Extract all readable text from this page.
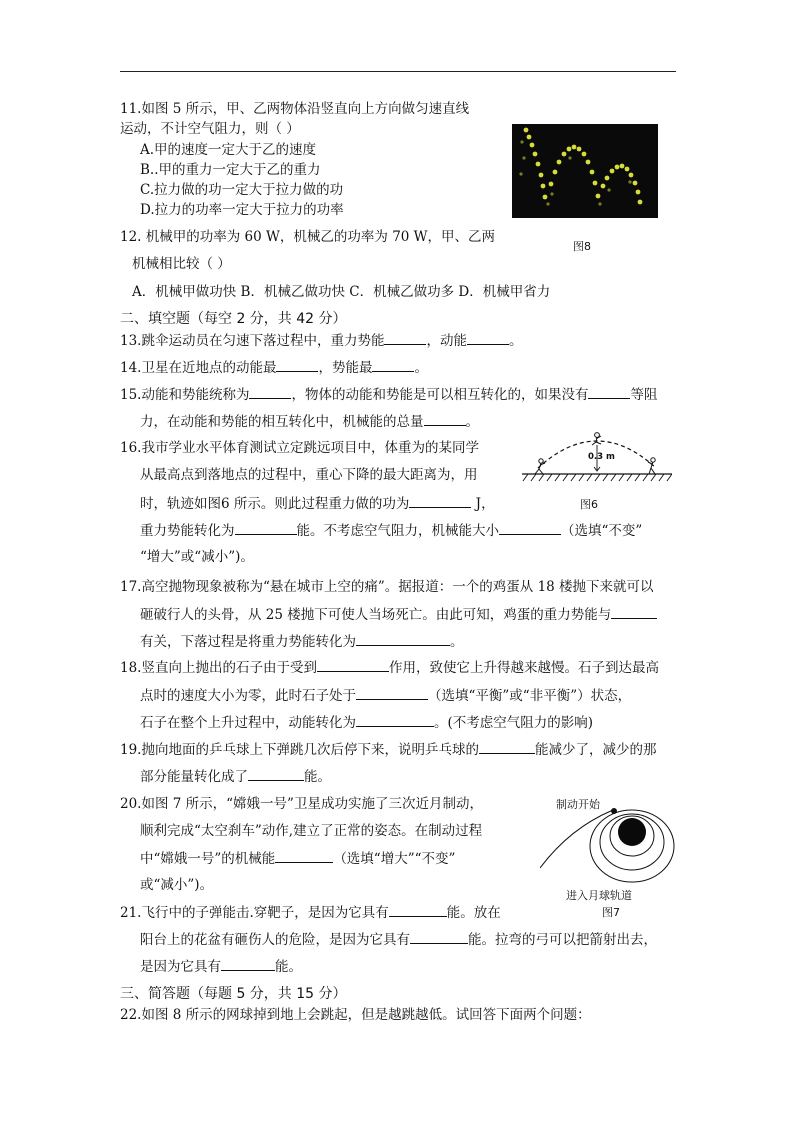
11.如图 5 所示，甲、乙两物体沿竖直向上方向做匀速直线
运动，不计空气阻力，则（ ）
A.甲的速度一定大于乙的速度
B..甲的重力一定大于乙的重力
C.拉力做的功一定大于拉力做的功
D.拉力的功率一定大于拉力的功率
图8
12. 机械甲的功率为 60 W，机械乙的功率为 70 W，甲、乙两
机械相比较（ ）
A．机械甲做功快 B．机械乙做功快 C．机械乙做功多 D．机械甲省力
二、填空题（每空 2 分，共 42 分）
13.跳伞运动员在匀速下落过程中，重力势能	，动能	。
14.卫星在近地点的动能最	，势能最	。
15.动能和势能统称为	，物体的动能和势能是可以相互转化的，如果没有	等阻
力，在动能和势能的相互转化中，机械能的总量	。
16.我市学业水平体育测试立定跳远项目中，体重为的某同学
从最高点到落地点的过程中，重心下降的最大距离为，用
时，轨迹如图6 所示。则此过程重力做的功为	J，
重力势能转化为	能。不考虑空气阻力，机械能大小	（选填“不变”
“增大”或“减小”)。
0.3 m
图6
17.高空抛物现象被称为“悬在城市上空的痛”。据报道：一个的鸡蛋从 18 楼抛下来就可以
砸破行人的头骨，从 25 楼抛下可使人当场死亡。由此可知，鸡蛋的重力势能与
有关，下落过程是将重力势能转化为	。
18.竖直向上抛出的石子由于受到	作用，致使它上升得越来越慢。石子到达最高
点时的速度大小为零，此时石子处于	（选填“平衡”或“非平衡”）状态，
石子在整个上升过程中，动能转化为	。(不考虑空气阻力的影响)
19.抛向地面的乒乓球上下弹跳几次后停下来，说明乒乓球的	能减少了，减少的那
部分能量转化成了	能。
20.如图 7 所示，“嫦娥一号”卫星成功实施了三次近月制动，
顺利完成“太空刹车”动作,建立了正常的姿态。在制动过程
中“嫦娥一号”的机械能	（选填“增大”“不变”
或“减小”)。
制动开始
进入月球轨道
图7
21.飞行中的子弹能击.穿靶子，是因为它具有	能。放在
阳台上的花盆有砸伤人的危险，是因为它具有	能。拉弯的弓可以把箭射出去，
是因为它具有	能。
三、简答题（每题 5 分，共 15 分）
22.如图 8 所示的网球掉到地上会跳起，但是越跳越低。试回答下面两个问题：
